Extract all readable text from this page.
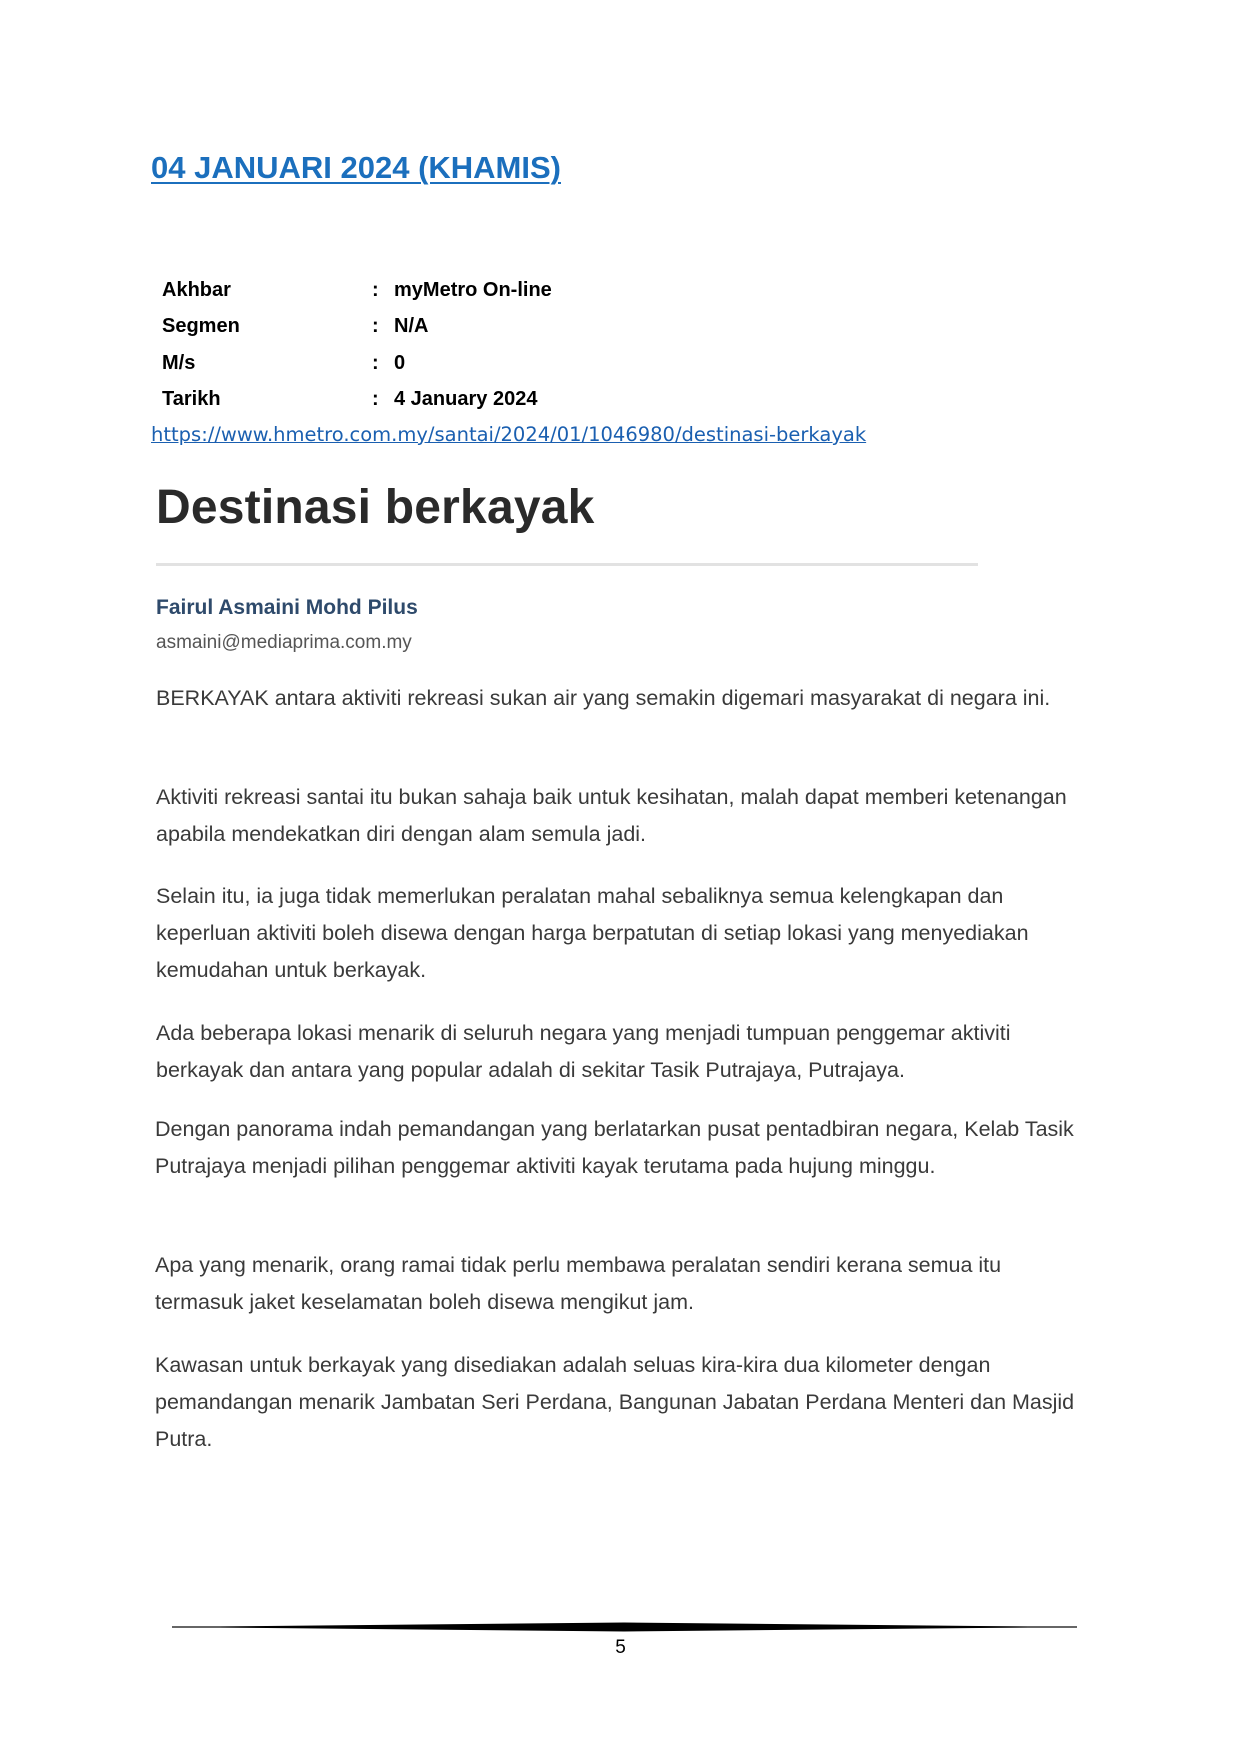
04 JANUARI 2024 (KHAMIS)
Akhbar	:	myMetro On-line
Segmen	:	N/A
M/s	:	0
Tarikh	:	4 January 2024
https://www.hmetro.com.my/santai/2024/01/1046980/destinasi-berkayak
Destinasi berkayak
Fairul Asmaini Mohd Pilus
asmaini@mediaprima.com.my

BERKAYAK antara aktiviti rekreasi sukan air yang semakin digemari masyarakat di negara ini.

Aktiviti rekreasi santai itu bukan sahaja baik untuk kesihatan, malah dapat memberi ketenangan apabila mendekatkan diri dengan alam semula jadi.

Selain itu, ia juga tidak memerlukan peralatan mahal sebaliknya semua kelengkapan dan keperluan aktiviti boleh disewa dengan harga berpatutan di setiap lokasi yang menyediakan kemudahan untuk berkayak.

Ada beberapa lokasi menarik di seluruh negara yang menjadi tumpuan penggemar aktiviti berkayak dan antara yang popular adalah di sekitar Tasik Putrajaya, Putrajaya.

Dengan panorama indah pemandangan yang berlatarkan pusat pentadbiran negara, Kelab Tasik Putrajaya menjadi pilihan penggemar aktiviti kayak terutama pada hujung minggu.

Apa yang menarik, orang ramai tidak perlu membawa peralatan sendiri kerana semua itu termasuk jaket keselamatan boleh disewa mengikut jam.

Kawasan untuk berkayak yang disediakan adalah seluas kira-kira dua kilometer dengan pemandangan menarik Jambatan Seri Perdana, Bangunan Jabatan Perdana Menteri dan Masjid Putra.

5
